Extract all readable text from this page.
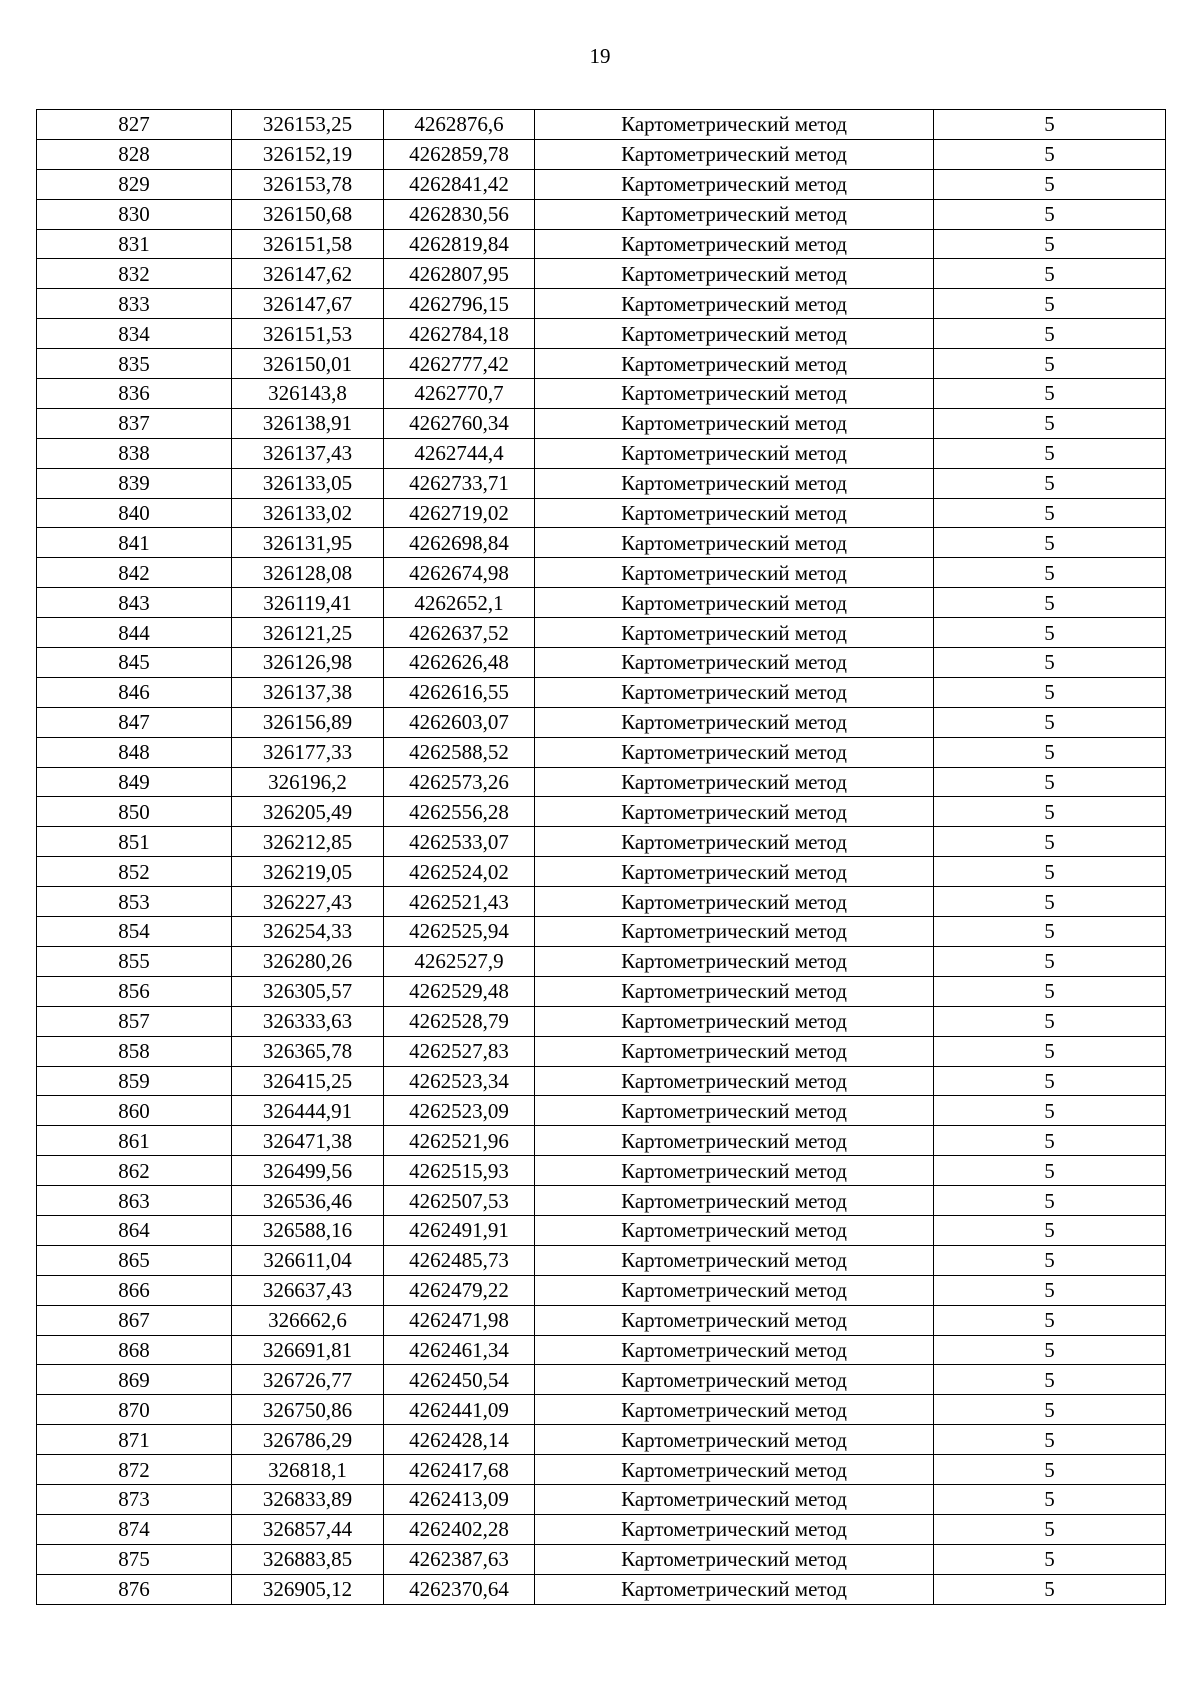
19
827	326153,25	4262876,6	Картометрический метод	5
828	326152,19	4262859,78	Картометрический метод	5
829	326153,78	4262841,42	Картометрический метод	5
830	326150,68	4262830,56	Картометрический метод	5
831	326151,58	4262819,84	Картометрический метод	5
832	326147,62	4262807,95	Картометрический метод	5
833	326147,67	4262796,15	Картометрический метод	5
834	326151,53	4262784,18	Картометрический метод	5
835	326150,01	4262777,42	Картометрический метод	5
836	326143,8	4262770,7	Картометрический метод	5
837	326138,91	4262760,34	Картометрический метод	5
838	326137,43	4262744,4	Картометрический метод	5
839	326133,05	4262733,71	Картометрический метод	5
840	326133,02	4262719,02	Картометрический метод	5
841	326131,95	4262698,84	Картометрический метод	5
842	326128,08	4262674,98	Картометрический метод	5
843	326119,41	4262652,1	Картометрический метод	5
844	326121,25	4262637,52	Картометрический метод	5
845	326126,98	4262626,48	Картометрический метод	5
846	326137,38	4262616,55	Картометрический метод	5
847	326156,89	4262603,07	Картометрический метод	5
848	326177,33	4262588,52	Картометрический метод	5
849	326196,2	4262573,26	Картометрический метод	5
850	326205,49	4262556,28	Картометрический метод	5
851	326212,85	4262533,07	Картометрический метод	5
852	326219,05	4262524,02	Картометрический метод	5
853	326227,43	4262521,43	Картометрический метод	5
854	326254,33	4262525,94	Картометрический метод	5
855	326280,26	4262527,9	Картометрический метод	5
856	326305,57	4262529,48	Картометрический метод	5
857	326333,63	4262528,79	Картометрический метод	5
858	326365,78	4262527,83	Картометрический метод	5
859	326415,25	4262523,34	Картометрический метод	5
860	326444,91	4262523,09	Картометрический метод	5
861	326471,38	4262521,96	Картометрический метод	5
862	326499,56	4262515,93	Картометрический метод	5
863	326536,46	4262507,53	Картометрический метод	5
864	326588,16	4262491,91	Картометрический метод	5
865	326611,04	4262485,73	Картометрический метод	5
866	326637,43	4262479,22	Картометрический метод	5
867	326662,6	4262471,98	Картометрический метод	5
868	326691,81	4262461,34	Картометрический метод	5
869	326726,77	4262450,54	Картометрический метод	5
870	326750,86	4262441,09	Картометрический метод	5
871	326786,29	4262428,14	Картометрический метод	5
872	326818,1	4262417,68	Картометрический метод	5
873	326833,89	4262413,09	Картометрический метод	5
874	326857,44	4262402,28	Картометрический метод	5
875	326883,85	4262387,63	Картометрический метод	5
876	326905,12	4262370,64	Картометрический метод	5
